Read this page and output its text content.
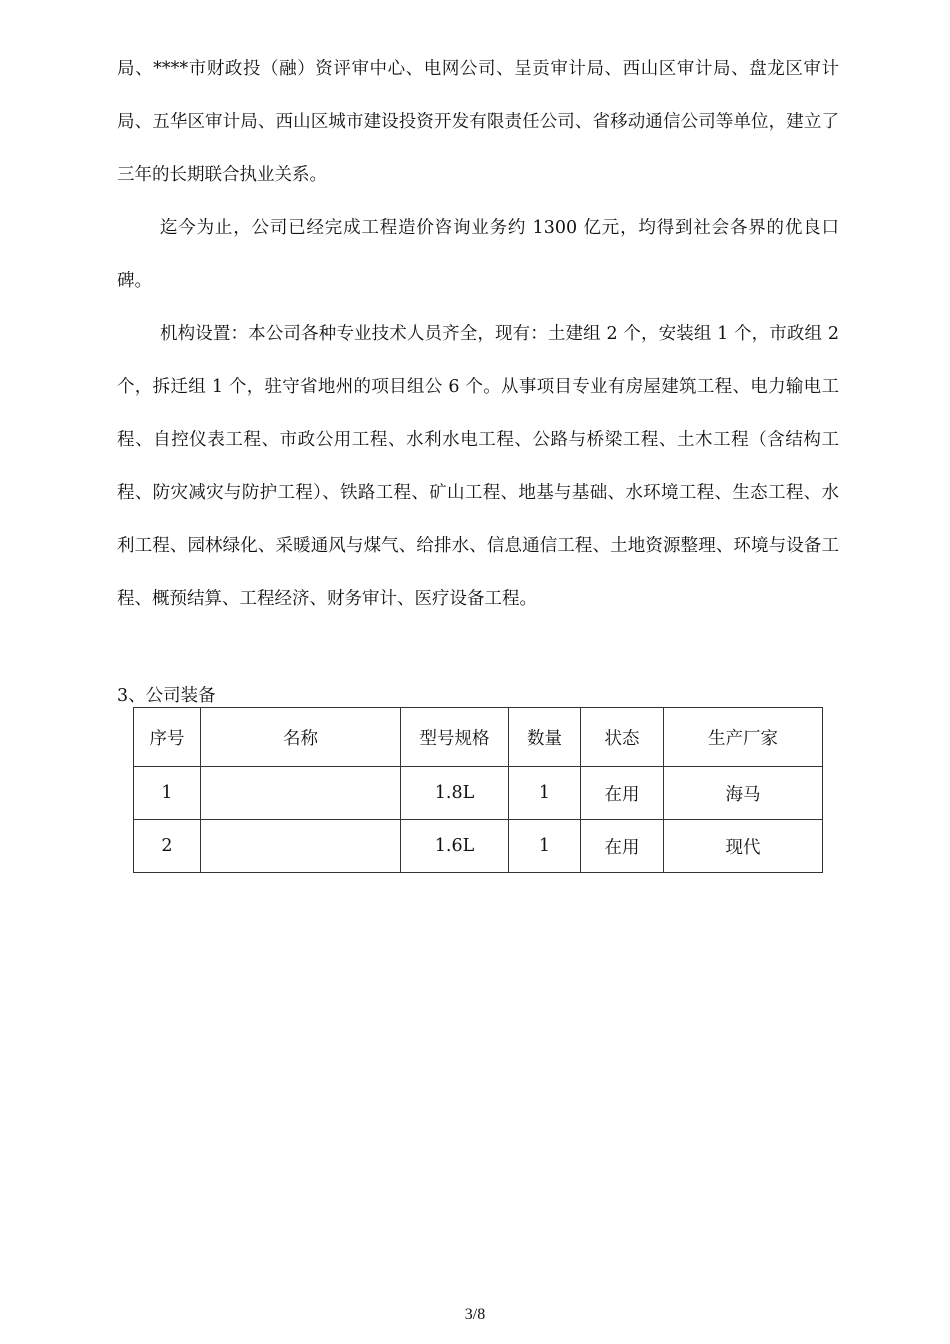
局、****市财政投（融）资评审中心、电网公司、呈贡审计局、西山区审计局、盘龙区审计局、五华区审计局、西山区城市建设投资开发有限责任公司、省移动通信公司等单位，建立了三年的长期联合执业关系。

迄今为止，公司已经完成工程造价咨询业务约 1300 亿元，均得到社会各界的优良口碑。

机构设置：本公司各种专业技术人员齐全，现有：土建组 2 个，安装组 1 个，市政组 2 个，拆迁组 1 个，驻守省地州的项目组公 6 个。从事项目专业有房屋建筑工程、电力输电工程、自控仪表工程、市政公用工程、水利水电工程、公路与桥梁工程、土木工程（含结构工程、防灾减灾与防护工程）、铁路工程、矿山工程、地基与基础、水环境工程、生态工程、水利工程、园林绿化、采暖通风与煤气、给排水、信息通信工程、土地资源整理、环境与设备工程、概预结算、工程经济、财务审计、医疗设备工程。

3、公司装备
序号	名称	型号规格	数量	状态	生产厂家
1		1.8L	1	在用	海马
2		1.6L	1	在用	现代
3/8
